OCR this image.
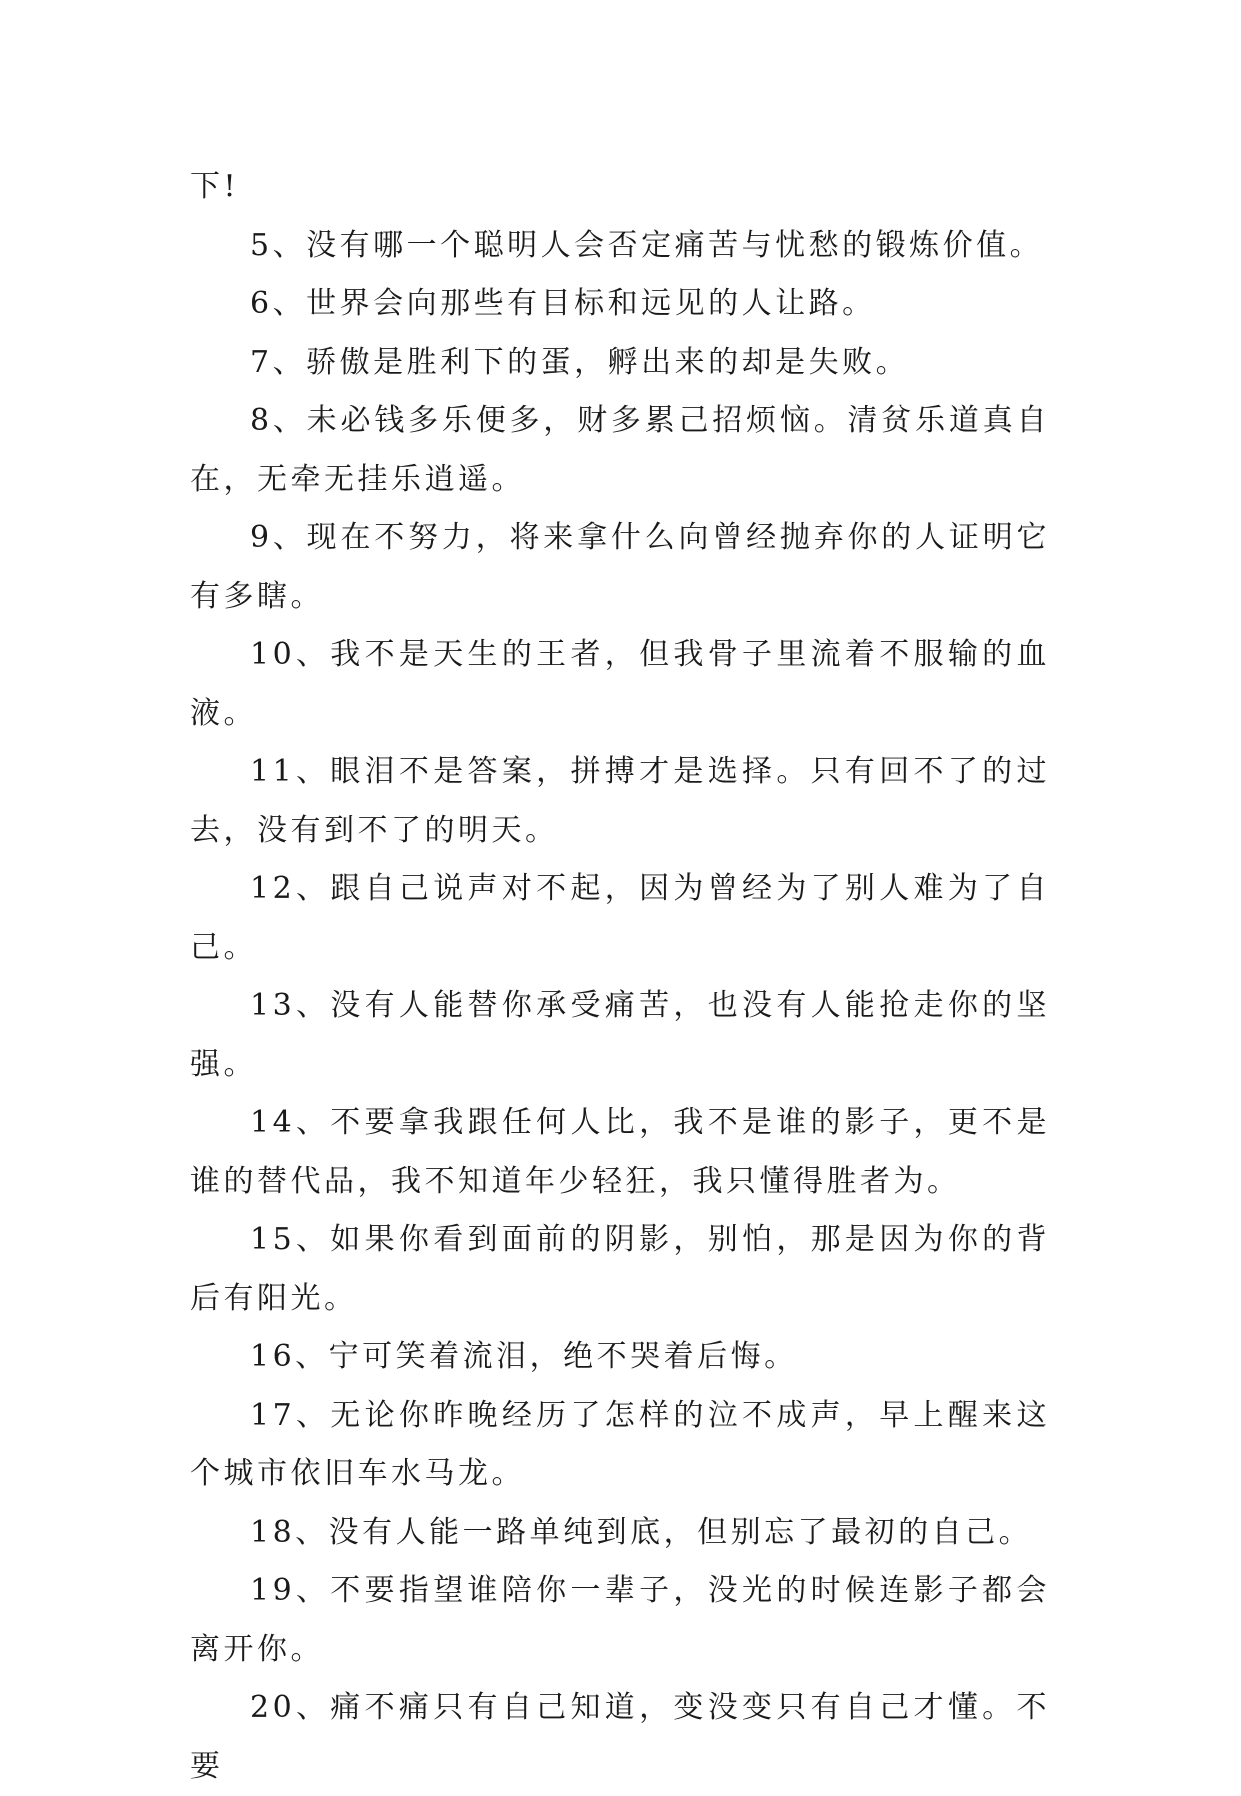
下!

5、没有哪一个聪明人会否定痛苦与忧愁的锻炼价值。

6、世界会向那些有目标和远见的人让路。

7、骄傲是胜利下的蛋，孵出来的却是失败。

8、未必钱多乐便多，财多累己招烦恼。清贫乐道真自在，无牵无挂乐逍遥。

9、现在不努力，将来拿什么向曾经抛弃你的人证明它有多瞎。

10、我不是天生的王者，但我骨子里流着不服输的血液。

11、眼泪不是答案，拼搏才是选择。只有回不了的过去，没有到不了的明天。

12、跟自己说声对不起，因为曾经为了别人难为了自己。

13、没有人能替你承受痛苦，也没有人能抢走你的坚强。

14、不要拿我跟任何人比，我不是谁的影子，更不是谁的替代品，我不知道年少轻狂，我只懂得胜者为。

15、如果你看到面前的阴影，别怕，那是因为你的背后有阳光。

16、宁可笑着流泪，绝不哭着后悔。

17、无论你昨晚经历了怎样的泣不成声，早上醒来这个城市依旧车水马龙。

18、没有人能一路单纯到底，但别忘了最初的自己。

19、不要指望谁陪你一辈子，没光的时候连影子都会离开你。

20、痛不痛只有自己知道，变没变只有自己才懂。不要
